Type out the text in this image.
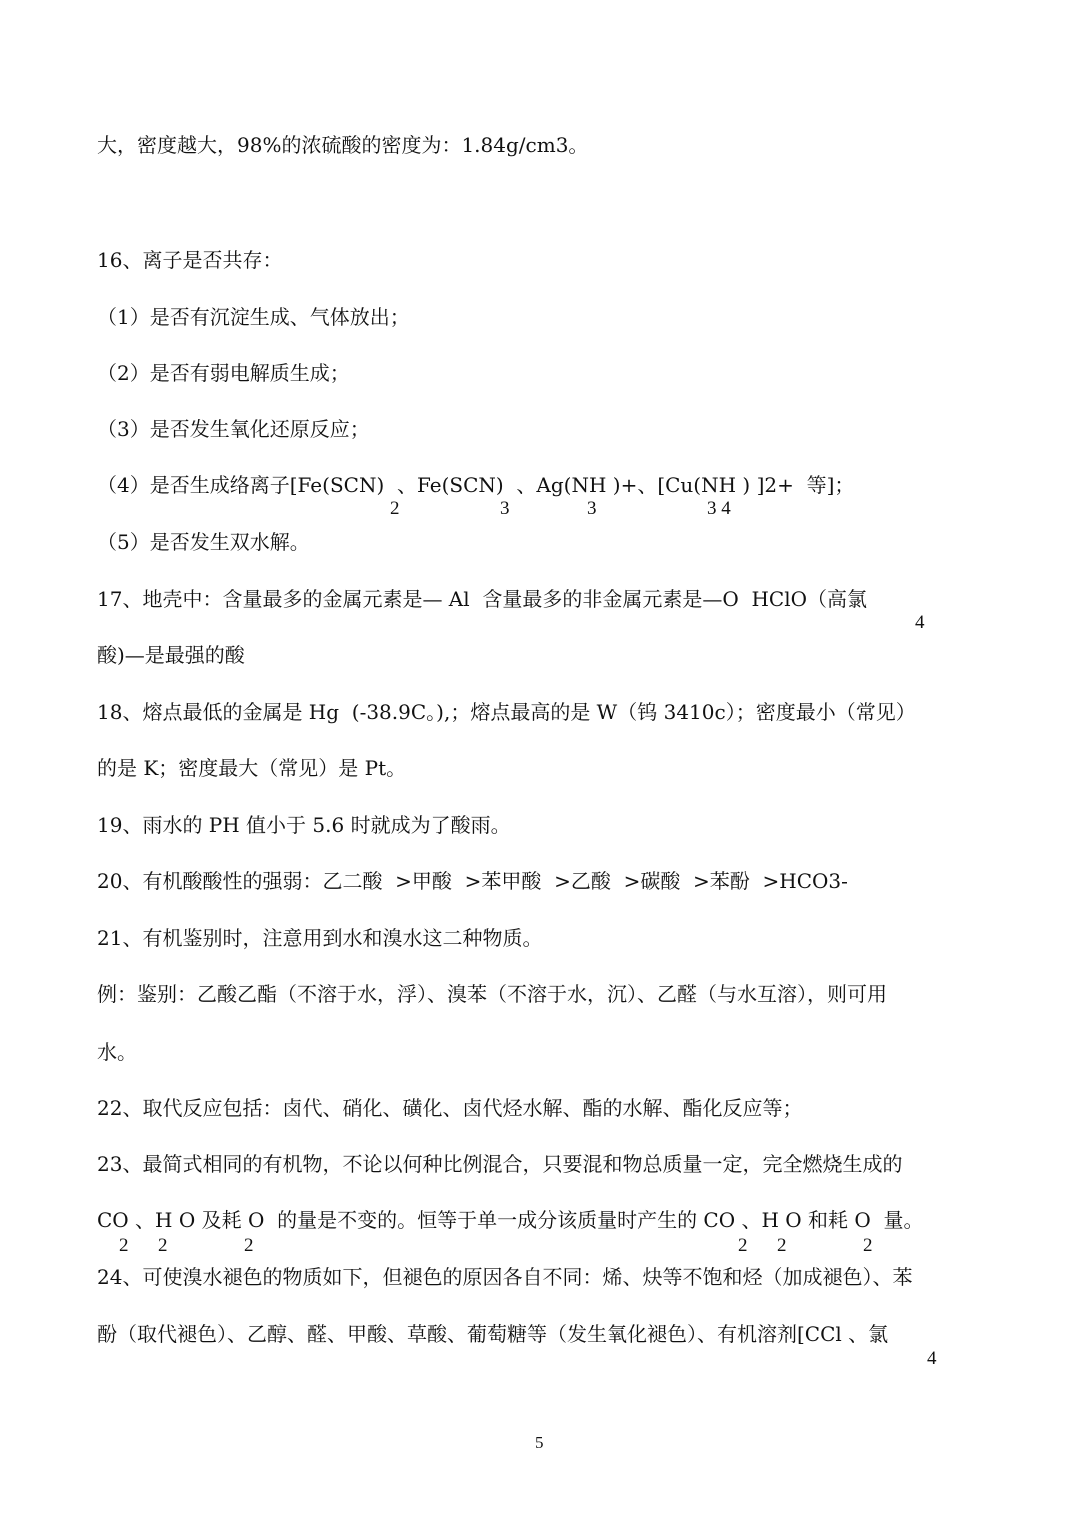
大，密度越大，98%的浓硫酸的密度为：1.84g/cm3。
16、离子是否共存：
（1）是否有沉淀生成、气体放出；
（2）是否有弱电解质生成；
（3）是否发生氧化还原反应；
（4）是否生成络离子[Fe(SCN)  、Fe(SCN)  、Ag(NH )+、[Cu(NH ) ]2+  等]；
2	3	3	3 4
（5）是否发生双水解。
17、地壳中：含量最多的金属元素是— Al  含量最多的非金属元素是—O  HClO（高氯
4
酸)—是最强的酸
18、熔点最低的金属是 Hg  (-38.9C。),；熔点最高的是 W（钨 3410c）；密度最小（常见）
的是 K；密度最大（常见）是 Pt。
19、雨水的 PH 值小于 5.6 时就成为了酸雨。
20、有机酸酸性的强弱：乙二酸  >甲酸  >苯甲酸  >乙酸  >碳酸  >苯酚  >HCO3-
21、有机鉴别时，注意用到水和溴水这二种物质。
例：鉴别：乙酸乙酯（不溶于水，浮）、溴苯（不溶于水，沉）、乙醛（与水互溶），则可用
水。
22、取代反应包括：卤代、硝化、磺化、卤代烃水解、酯的水解、酯化反应等；
23、最简式相同的有机物，不论以何种比例混合，只要混和物总质量一定，完全燃烧生成的
CO 、H O 及耗 O  的量是不变的。恒等于单一成分该质量时产生的 CO 、H O 和耗 O  量。
2 2	2	2 2	2
24、可使溴水褪色的物质如下，但褪色的原因各自不同：烯、炔等不饱和烃（加成褪色）、苯
酚（取代褪色）、乙醇、醛、甲酸、草酸、葡萄糖等（发生氧化褪色）、有机溶剂[CCl 、氯
4
5
